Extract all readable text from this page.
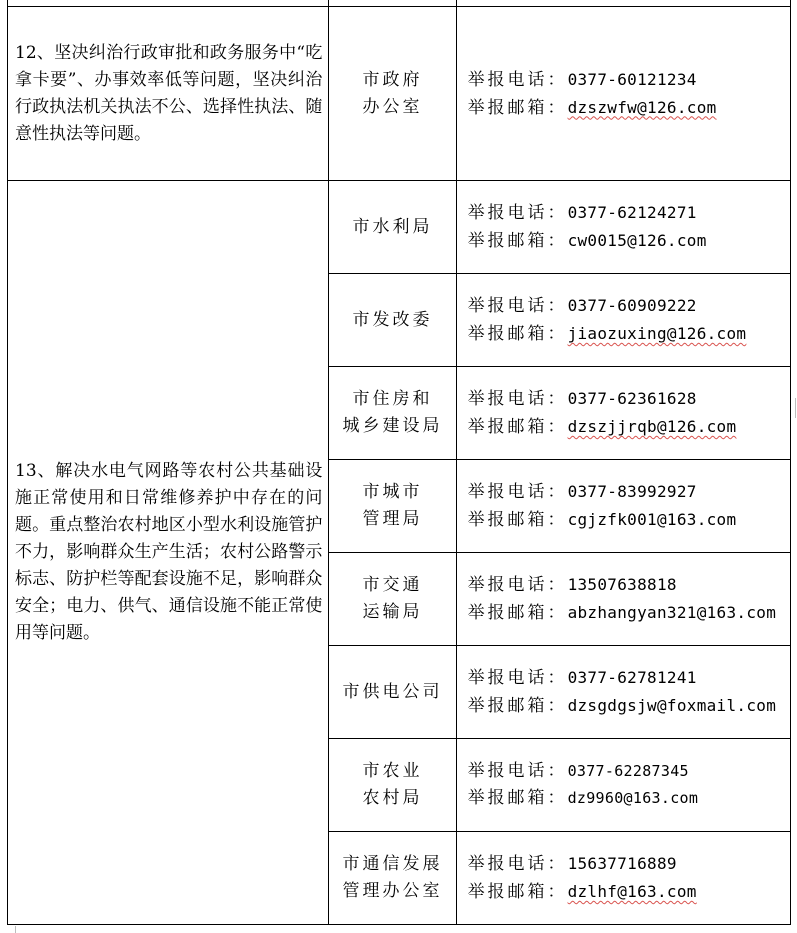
12、坚决纠治行政审批和政务服务中“吃拿卡要”、办事效率低等问题，坚决纠治行政执法机关执法不公、选择性执法、随意性执法等问题。	市政府
办公室	举报电话：0377-60121234
举报邮箱：dzszwfw@126.com

13、解决水电气网路等农村公共基础设施正常使用和日常维修养护中存在的问题。重点整治农村地区小型水利设施管护不力，影响群众生产生活；农村公路警示标志、防护栏等配套设施不足，影响群众安全；电力、供气、通信设施不能正常使用等问题。	市水利局	举报电话：0377-62124271
举报邮箱：cw0015@126.com

	市发改委	举报电话：0377-60909222
举报邮箱：jiaozuxing@126.com

	市住房和
城乡建设局	举报电话：0377-62361628
举报邮箱：dzszjjrqb@126.com

	市城市
管理局	举报电话：0377-83992927
举报邮箱：cgjzfk001@163.com

	市交通
运输局	举报电话：13507638818
举报邮箱：abzhangyan321@163.com

	市供电公司	举报电话：0377-62781241
举报邮箱：dzsgdgsjw@foxmail.com

	市农业
农村局	举报电话：0377-62287345
举报邮箱：dz9960@163.com

	市通信发展
管理办公室	举报电话：15637716889
举报邮箱：dzlhf@163.com
